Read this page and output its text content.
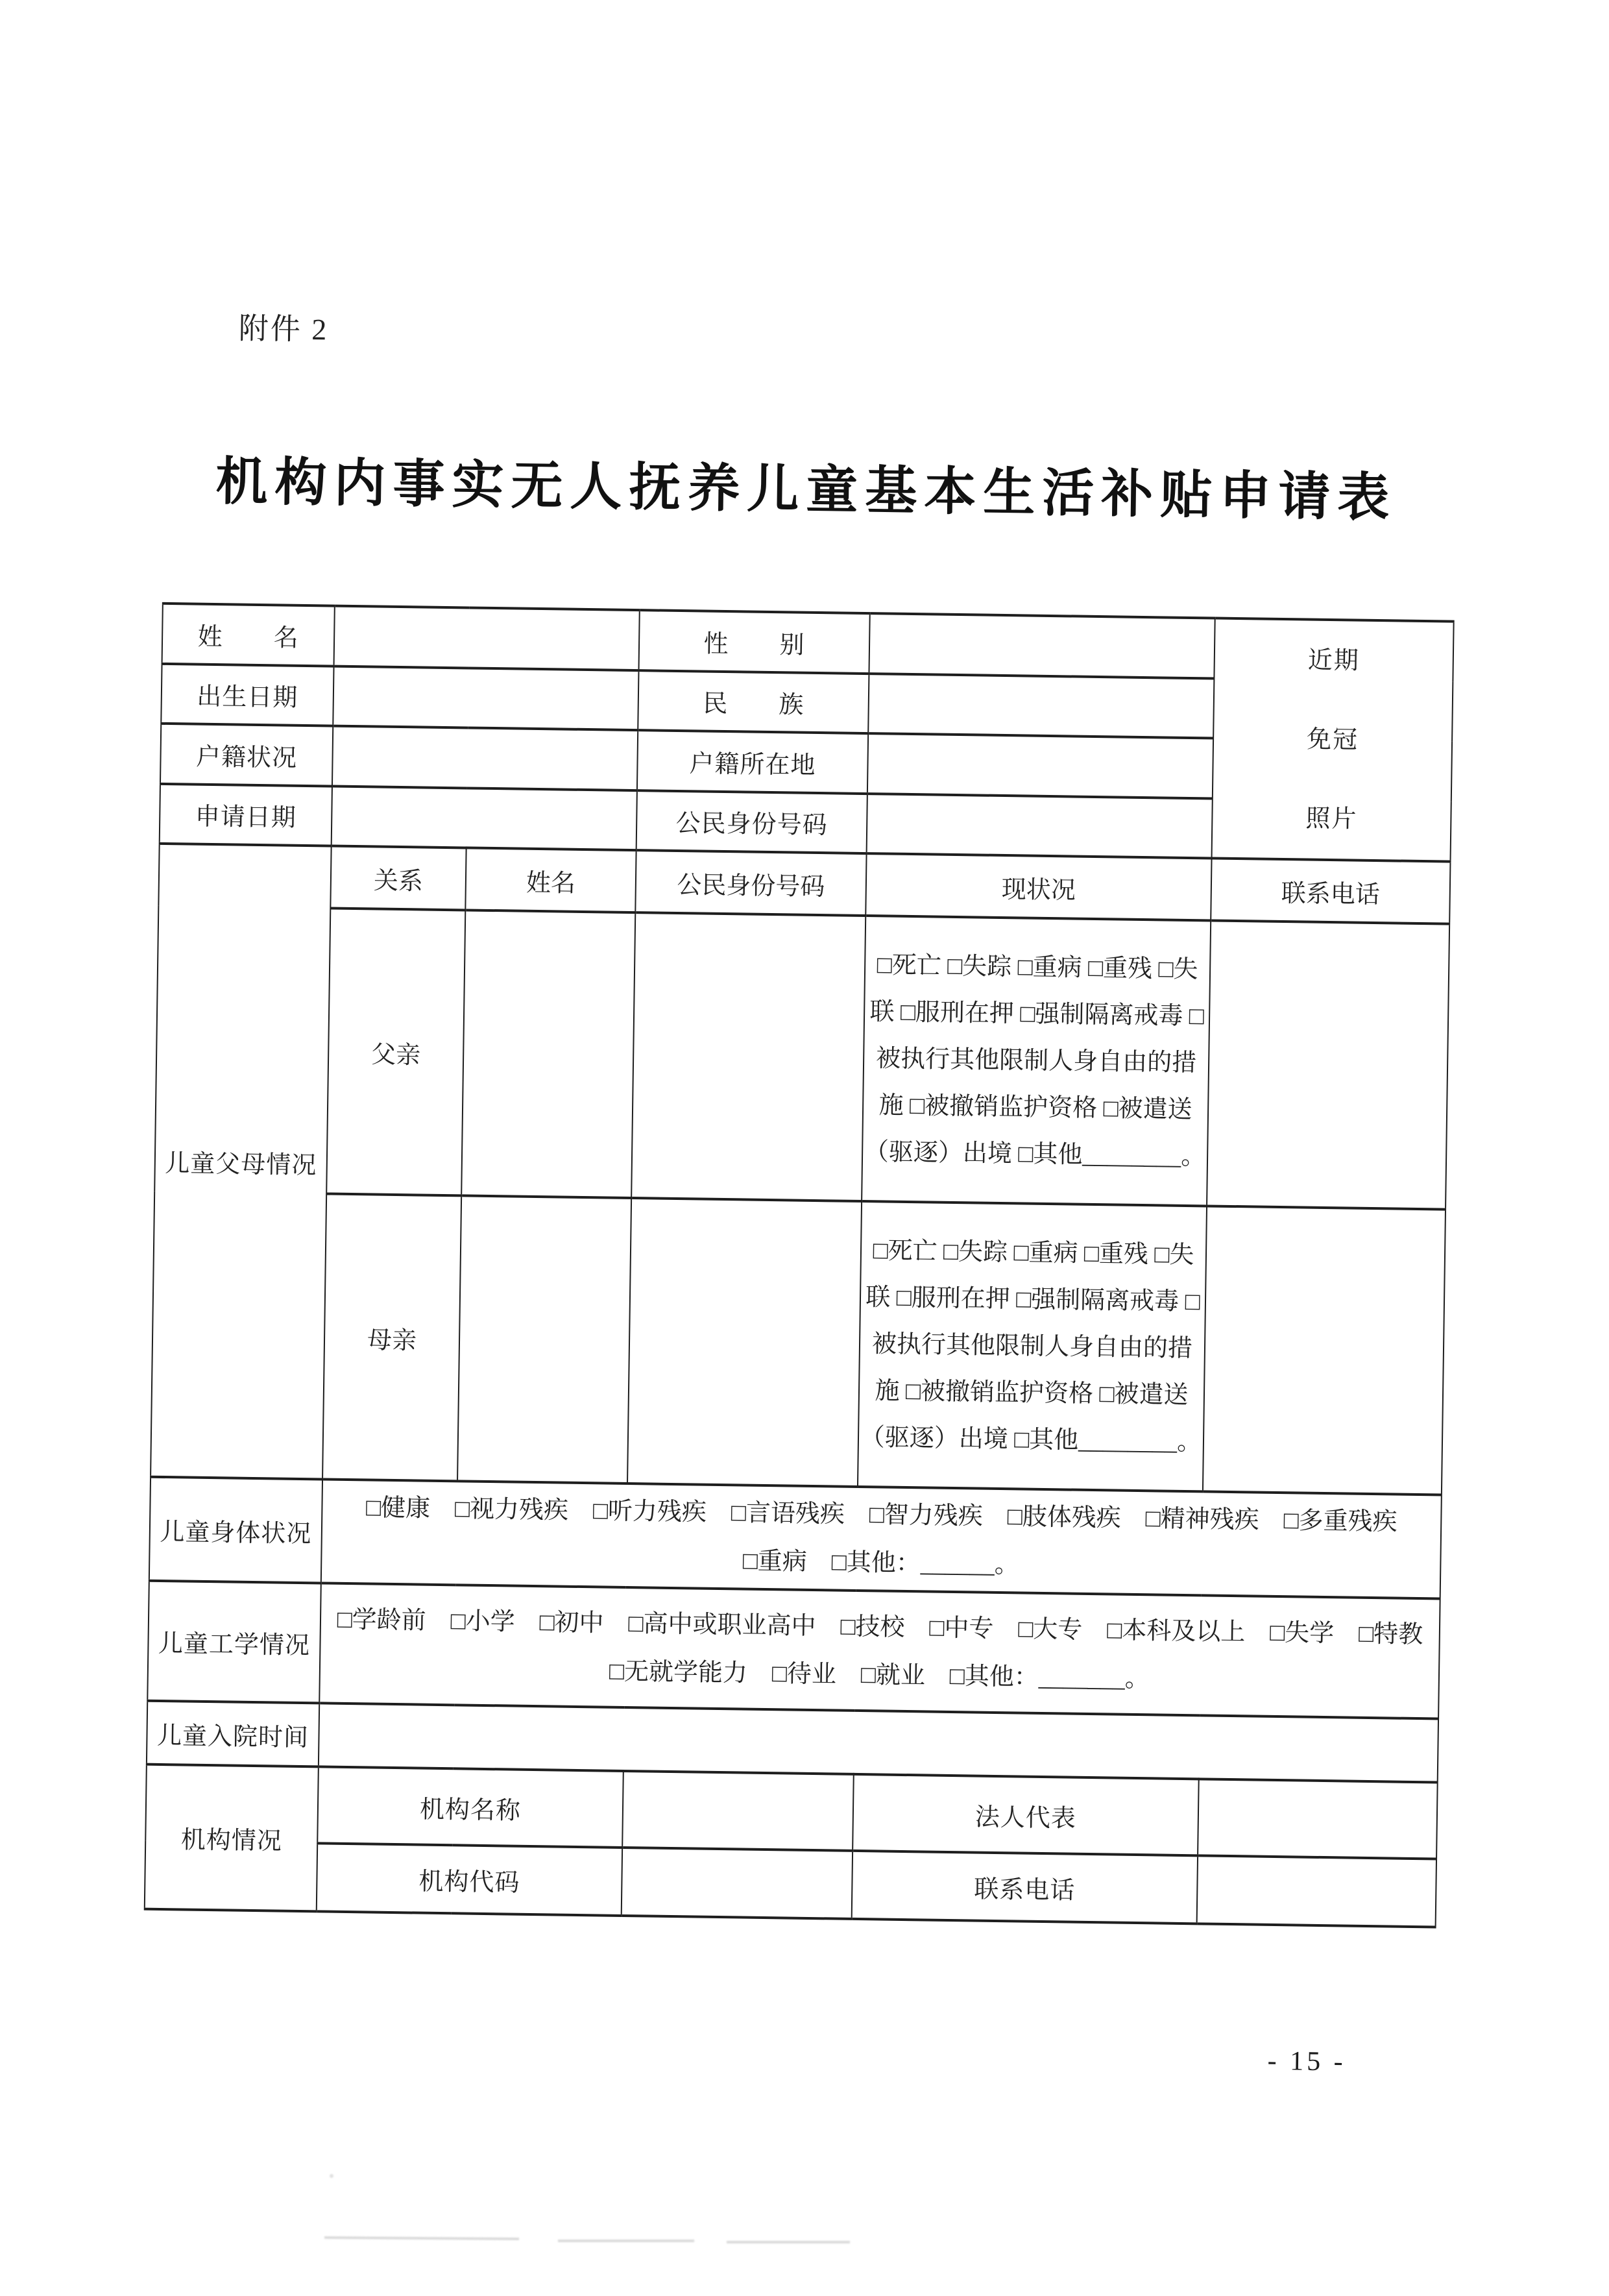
附件 2
机构内事实无人抚养儿童基本生活补贴申请表
姓　　名			性　　别		近期
免冠
照片

出生日期			民　　族		
户籍状况			户籍所在地		
申请日期			公民身份号码		
儿童父母情况	关系	姓名	公民身份号码	现状况	联系电话
	父亲			□死亡 □失踪 □重病 □重残 □失联 □服刑在押 □强制隔离戒毒 □被执行其他限制人身自由的措施 □被撤销监护资格 □被遣送（驱逐）出境 □其他________。	
	母亲			□死亡 □失踪 □重病 □重残 □失联 □服刑在押 □强制隔离戒毒 □被执行其他限制人身自由的措施 □被撤销监护资格 □被遣送（驱逐）出境 □其他________。	
儿童身体状况	□健康　□视力残疾　□听力残疾　□言语残疾　□智力残疾　□肢体残疾　□精神残疾　□多重残疾
□重病　□其他：______。				

儿童工学情况	□学龄前　□小学　□初中　□高中或职业高中　□技校　□中专　□大专　□本科及以上　□失学　□特教
□无就学能力　□待业　□就业　□其他：_______。				

儿童入院时间					
机构情况	机构名称			法人代表	
	机构代码			联系电话	
- 15 -
